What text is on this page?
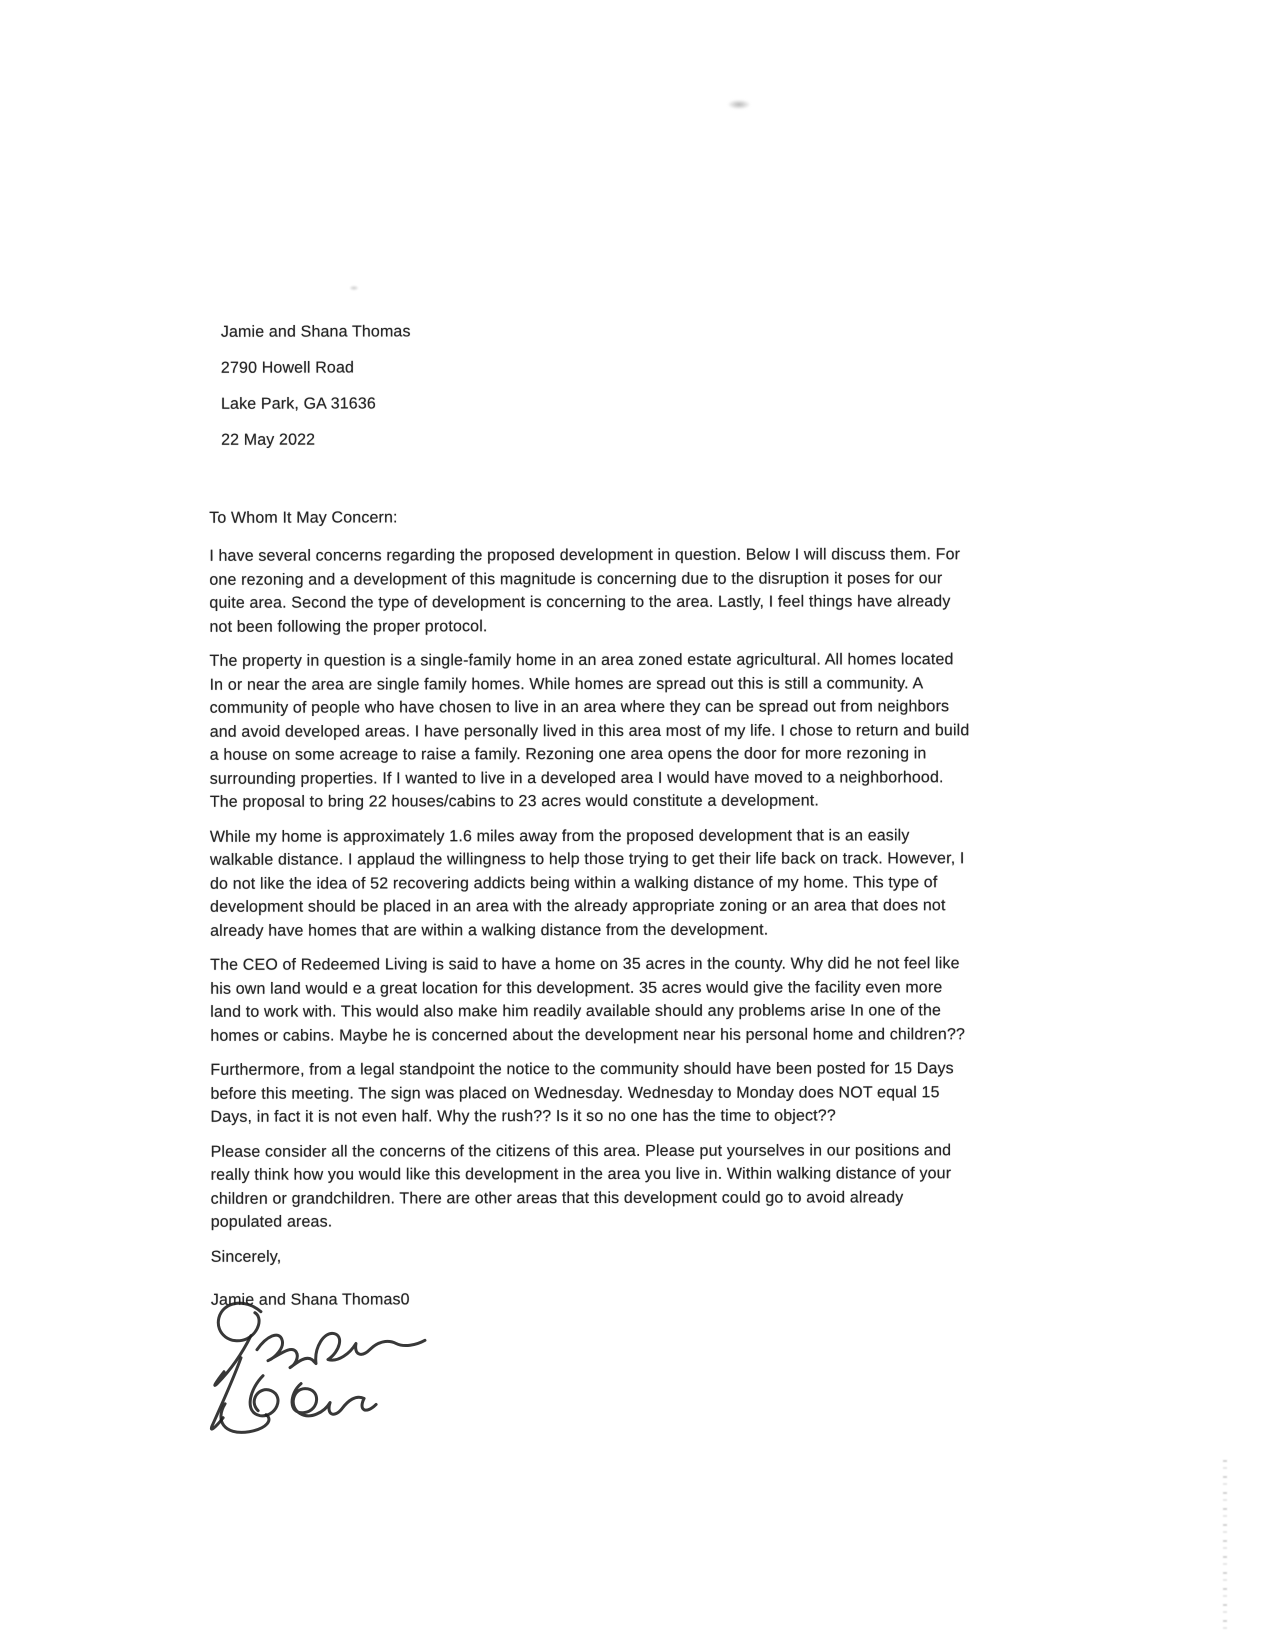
Jamie and Shana Thomas

2790 Howell Road

Lake Park, GA 31636

22 May 2022

To Whom It May Concern:

I have several concerns regarding the proposed development in question. Below I will discuss them. For one rezoning and a development of this magnitude is concerning due to the disruption it poses for our quite area. Second the type of development is concerning to the area. Lastly, I feel things have already not been following the proper protocol.

The property in question is a single-family home in an area zoned estate agricultural. All homes located In or near the area are single family homes. While homes are spread out this is still a community. A community of people who have chosen to live in an area where they can be spread out from neighbors and avoid developed areas. I have personally lived in this area most of my life. I chose to return and build a house on some acreage to raise a family. Rezoning one area opens the door for more rezoning in surrounding properties. If I wanted to live in a developed area I would have moved to a neighborhood. The proposal to bring 22 houses/cabins to 23 acres would constitute a development.

While my home is approximately 1.6 miles away from the proposed development that is an easily walkable distance. I applaud the willingness to help those trying to get their life back on track. However, I do not like the idea of 52 recovering addicts being within a walking distance of my home. This type of development should be placed in an area with the already appropriate zoning or an area that does not already have homes that are within a walking distance from the development.

The CEO of Redeemed Living is said to have a home on 35 acres in the county. Why did he not feel like his own land would e a great location for this development. 35 acres would give the facility even more land to work with. This would also make him readily available should any problems arise In one of the homes or cabins. Maybe he is concerned about the development near his personal home and children??

Furthermore, from a legal standpoint the notice to the community should have been posted for 15 Days before this meeting. The sign was placed on Wednesday. Wednesday to Monday does NOT equal 15 Days, in fact it is not even half. Why the rush?? Is it so no one has the time to object??

Please consider all the concerns of the citizens of this area. Please put yourselves in our positions and really think how you would like this development in the area you live in. Within walking distance of your children or grandchildren. There are other areas that this development could go to avoid already populated areas.

Sincerely,

Jamie and Shana Thomas0
